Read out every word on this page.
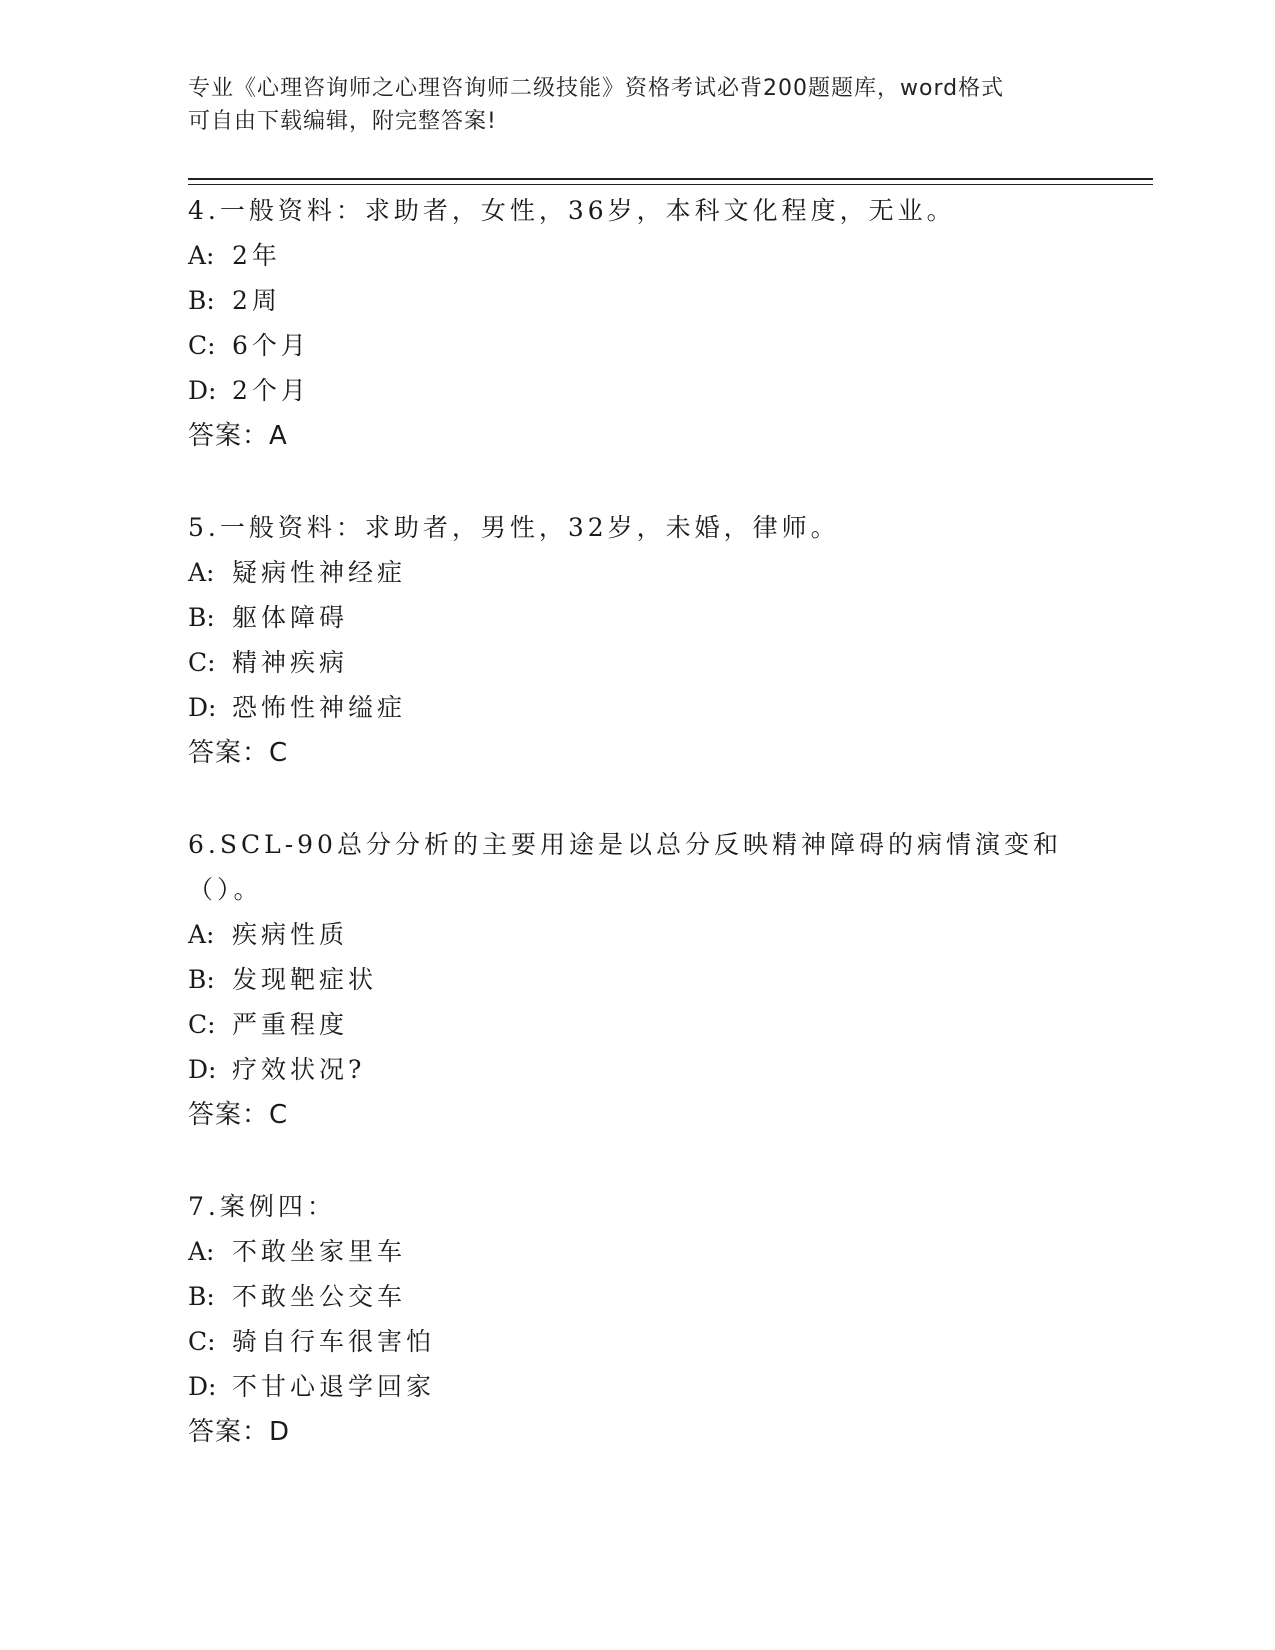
专业《心理咨询师之心理咨询师二级技能》资格考试必背200题题库，word格式
可自由下载编辑，附完整答案!
4.一般资料：求助者，女性，36岁，本科文化程度，无业。
A: 2年
B: 2周
C: 6个月
D: 2个月
答案：A
5.一般资料：求助者，男性，32岁，未婚，律师。
A: 疑病性神经症
B: 躯体障碍
C: 精神疾病
D: 恐怖性神缢症
答案：C
6.SCL-90总分分析的主要用途是以总分反映精神障碍的病情演变和（）。
A: 疾病性质
B: 发现靶症状
C: 严重程度
D: 疗效状况?
答案：C
7.案例四：
A: 不敢坐家里车
B: 不敢坐公交车
C: 骑自行车很害怕
D: 不甘心退学回家
答案：D
